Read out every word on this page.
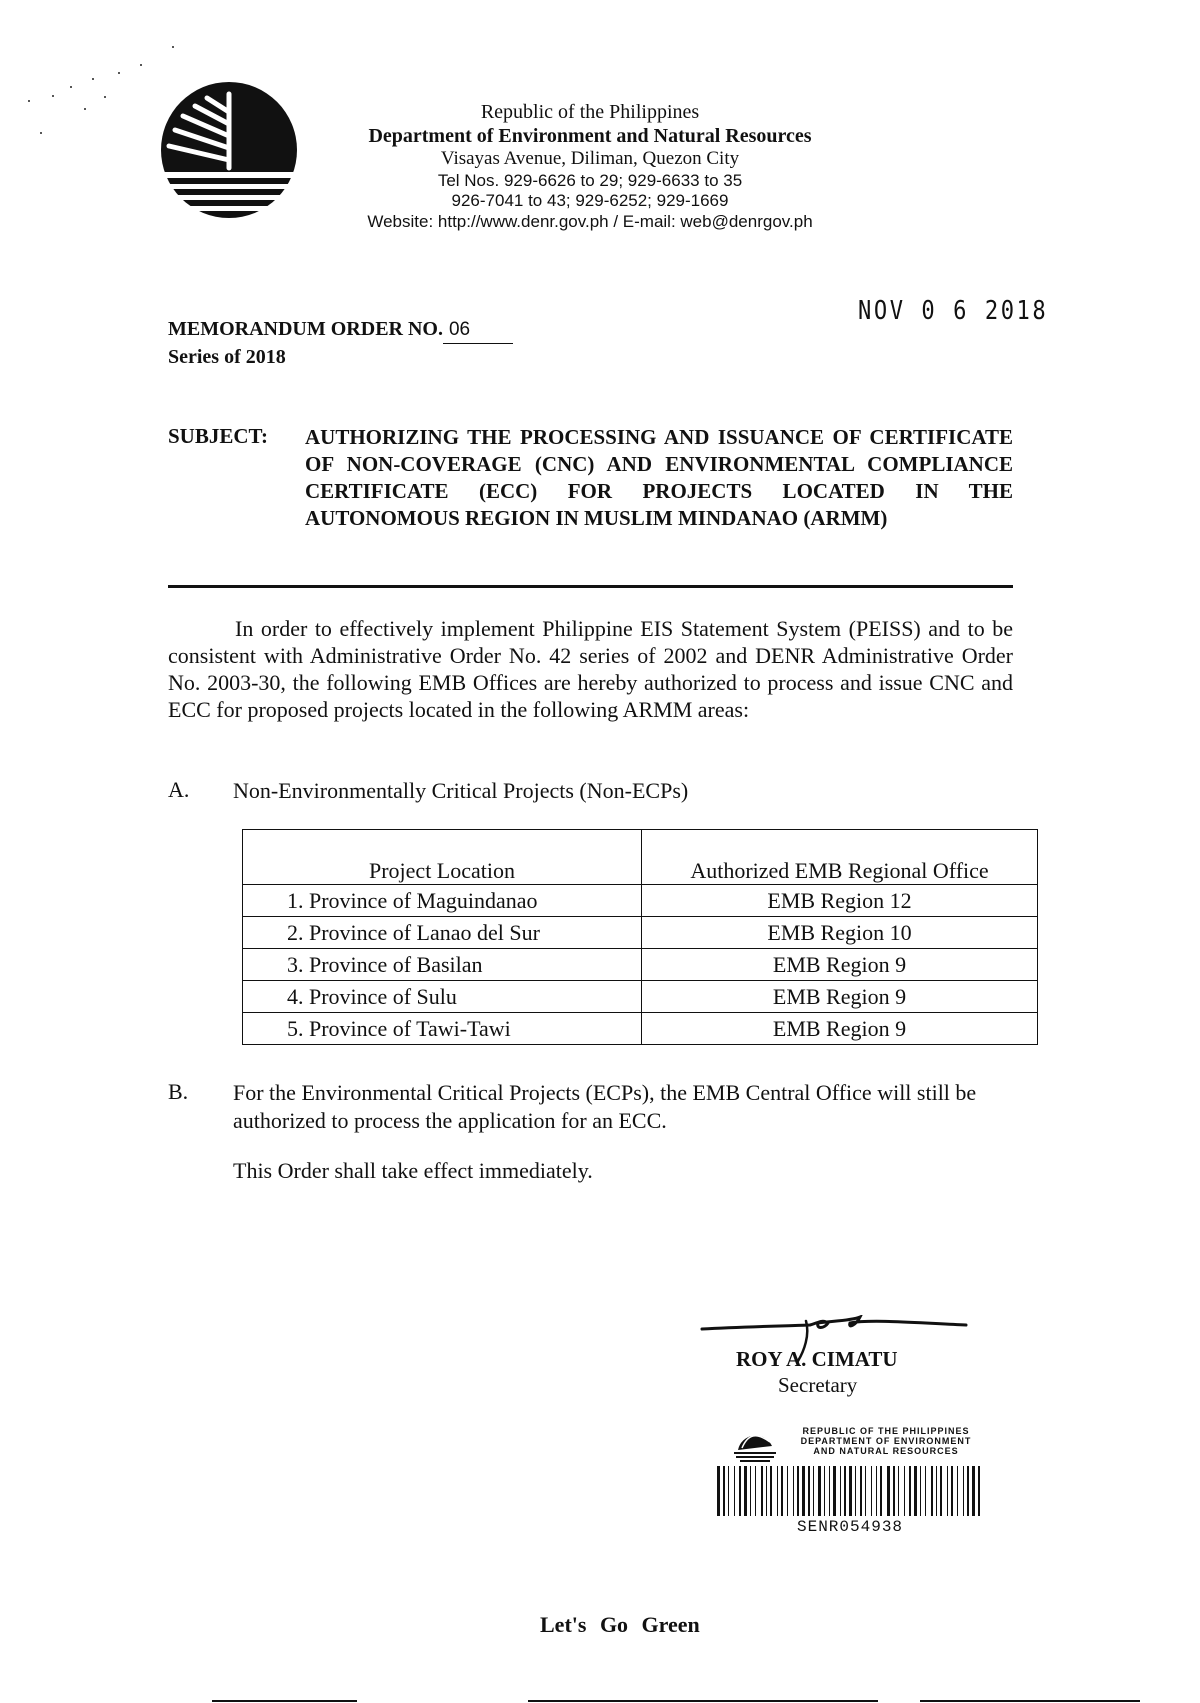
Republic of the Philippines
Department of Environment and Natural Resources
Visayas Avenue, Diliman, Quezon City
Tel Nos. 929-6626 to 29; 929-6633 to 35
926-7041 to 43; 929-6252; 929-1669
Website: http://www.denr.gov.ph / E-mail: web@denrgov.ph
NOV 0 6 2018
MEMORANDUM ORDER NO. 06
Series of 2018
SUBJECT: AUTHORIZING THE PROCESSING AND ISSUANCE OF CERTIFICATE OF NON-COVERAGE (CNC) AND ENVIRONMENTAL COMPLIANCE CERTIFICATE (ECC) FOR PROJECTS LOCATED IN THE AUTONOMOUS REGION IN MUSLIM MINDANAO (ARMM)

In order to effectively implement Philippine EIS Statement System (PEISS) and to be consistent with Administrative Order No. 42 series of 2002 and DENR Administrative Order No. 2003-30, the following EMB Offices are hereby authorized to process and issue CNC and ECC for proposed projects located in the following ARMM areas:

A. Non-Environmentally Critical Projects (Non-ECPs)
Project Location	Authorized EMB Regional Office
1. Province of Maguindanao	EMB Region 12
2. Province of Lanao del Sur	EMB Region 10
3. Province of Basilan	EMB Region 9
4. Province of Sulu	EMB Region 9
5. Province of Tawi-Tawi	EMB Region 9
B. For the Environmental Critical Projects (ECPs), the EMB Central Office will still be authorized to process the application for an ECC.
This Order shall take effect immediately.
ROY A. CIMATU
Secretary
REPUBLIC OF THE PHILIPPINES
DEPARTMENT OF ENVIRONMENT
AND NATURAL RESOURCES
SENR054938
Let's Go Green
